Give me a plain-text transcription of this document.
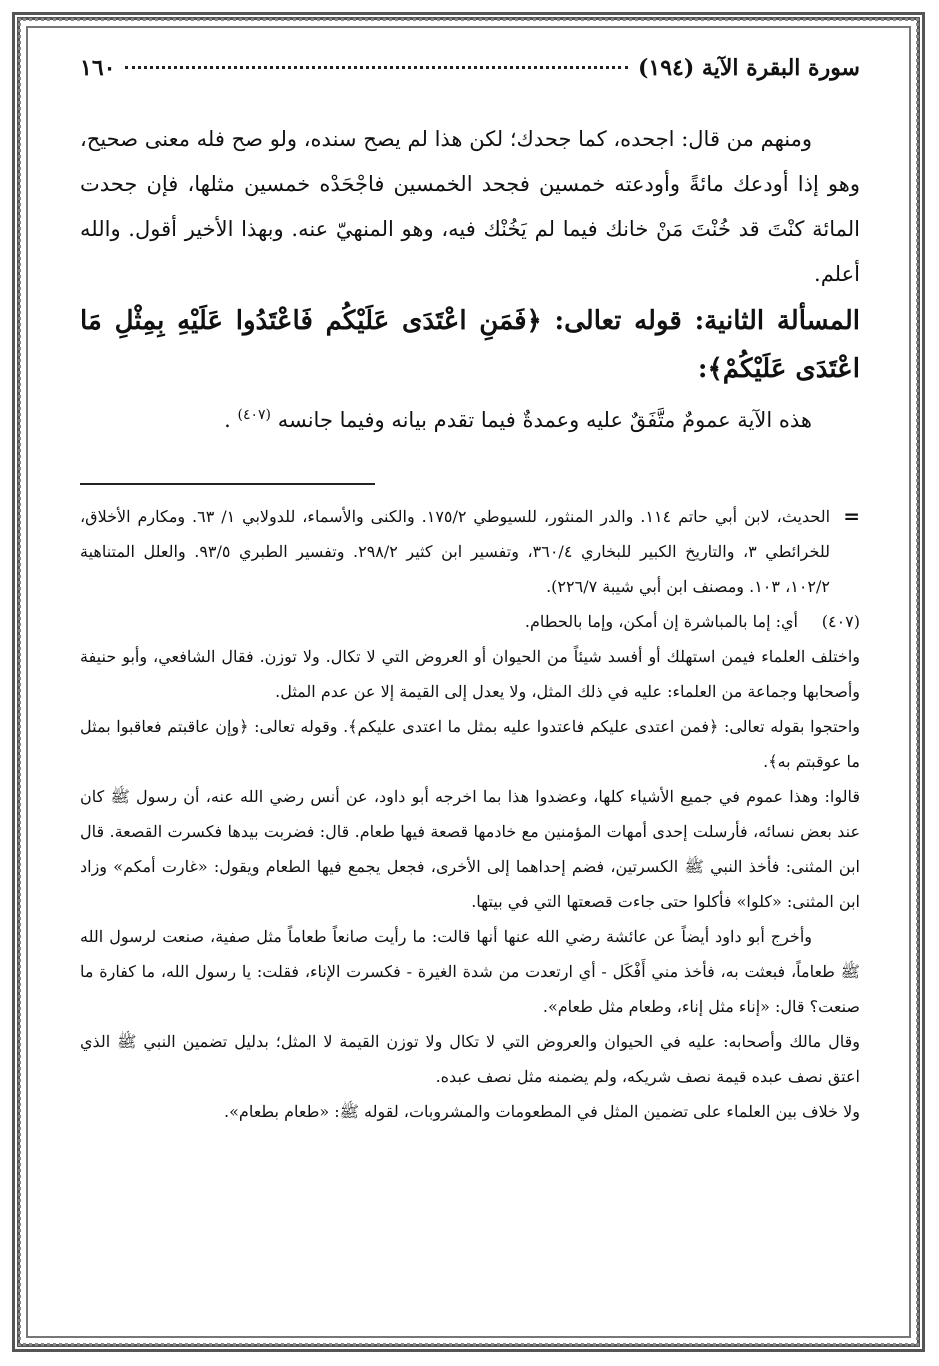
سورة البقرة الآية (١٩٤)
١٦٠

ومنهم من قال: اجحده، كما جحدك؛ لكن هذا لم يصح سنده، ولو صح فله معنى صحيح، وهو إذا أودعك مائةً وأودعته خمسين فجحد الخمسين فاجْحَدْه خمسين مثلها، فإن جحدت المائة كنْتَ قد خُنْتَ مَنْ خانك فيما لم يَخُنْك فيه، وهو المنهيّ عنه. وبهذا الأخير أقول. والله أعلم.

المسألة الثانية: قوله تعالى: ﴿فَمَنِ اعْتَدَى عَلَيْكُم فَاعْتَدُوا عَلَيْهِ بِمِثْلِ مَا اعْتَدَى عَلَيْكُمْ﴾:

هذه الآية عمومٌ متَّفَقٌ عليه وعمدةٌ فيما تقدم بيانه وفيما جانسه $^{(٤٠٧)}$ .

=
الحديث، لابن أبي حاتم ١١٤. والدر المنثور، للسيوطي ١٧٥/٢. والكنى والأسماء، للدولابي ١/ ٦٣. ومكارم الأخلاق، للخرائطي ٣، والتاريخ الكبير للبخاري ٣٦٠/٤، وتفسير ابن كثير ٢٩٨/٢. وتفسير الطبري ٩٣/٥. والعلل المتناهية ١٠٢/٢، ١٠٣. ومصنف ابن أبي شيبة ٢٢٦/٧).

(٤٠٧)
أي: إما بالمباشرة إن أمكن، وإما بالحطام.

واختلف العلماء فيمن استهلك أو أفسد شيئاً من الحيوان أو العروض التي لا تكال. ولا توزن. فقال الشافعي، وأبو حنيفة وأصحابها وجماعة من العلماء: عليه في ذلك المثل، ولا يعدل إلى القيمة إلا عن عدم المثل.

واحتجوا بقوله تعالى: ﴿فمن اعتدى عليكم فاعتدوا عليه بمثل ما اعتدى عليكم﴾. وقوله تعالى: ﴿وإن عاقبتم فعاقبوا بمثل ما عوقبتم به﴾.

قالوا: وهذا عموم في جميع الأشياء كلها، وعضدوا هذا بما اخرجه أبو داود، عن أنس رضي الله عنه، أن رسول ﷺ كان عند بعض نسائه، فأرسلت إحدى أمهات المؤمنين مع خادمها قصعة فيها طعام. قال: فضربت بيدها فكسرت القصعة. قال ابن المثنى: فأخذ النبي ﷺ الكسرتين، فضم إحداهما إلى الأخرى، فجعل يجمع فيها الطعام ويقول: «غارت أمكم» وزاد ابن المثنى: «كلوا» فأكلوا حتى جاءت قصعتها التي في بيتها.

وأخرج أبو داود أيضاً عن عائشة رضي الله عنها أنها قالت: ما رأيت صانعاً طعاماً مثل صفية، صنعت لرسول الله ﷺ طعاماً، فبعثت به، فأخذ مني أَفْكَل - أي ارتعدت من شدة الغيرة - فكسرت الإناء، فقلت: يا رسول الله، ما كفارة ما صنعت؟ قال: «إناء مثل إناء، وطعام مثل طعام».

وقال مالك وأصحابه: عليه في الحيوان والعروض التي لا تكال ولا توزن القيمة لا المثل؛ بدليل تضمين النبي ﷺ الذي اعتق نصف عبده قيمة نصف شريكه، ولم يضمنه مثل نصف عبده.

ولا خلاف بين العلماء على تضمين المثل في المطعومات والمشروبات، لقوله ﷺ: «طعام بطعام».
